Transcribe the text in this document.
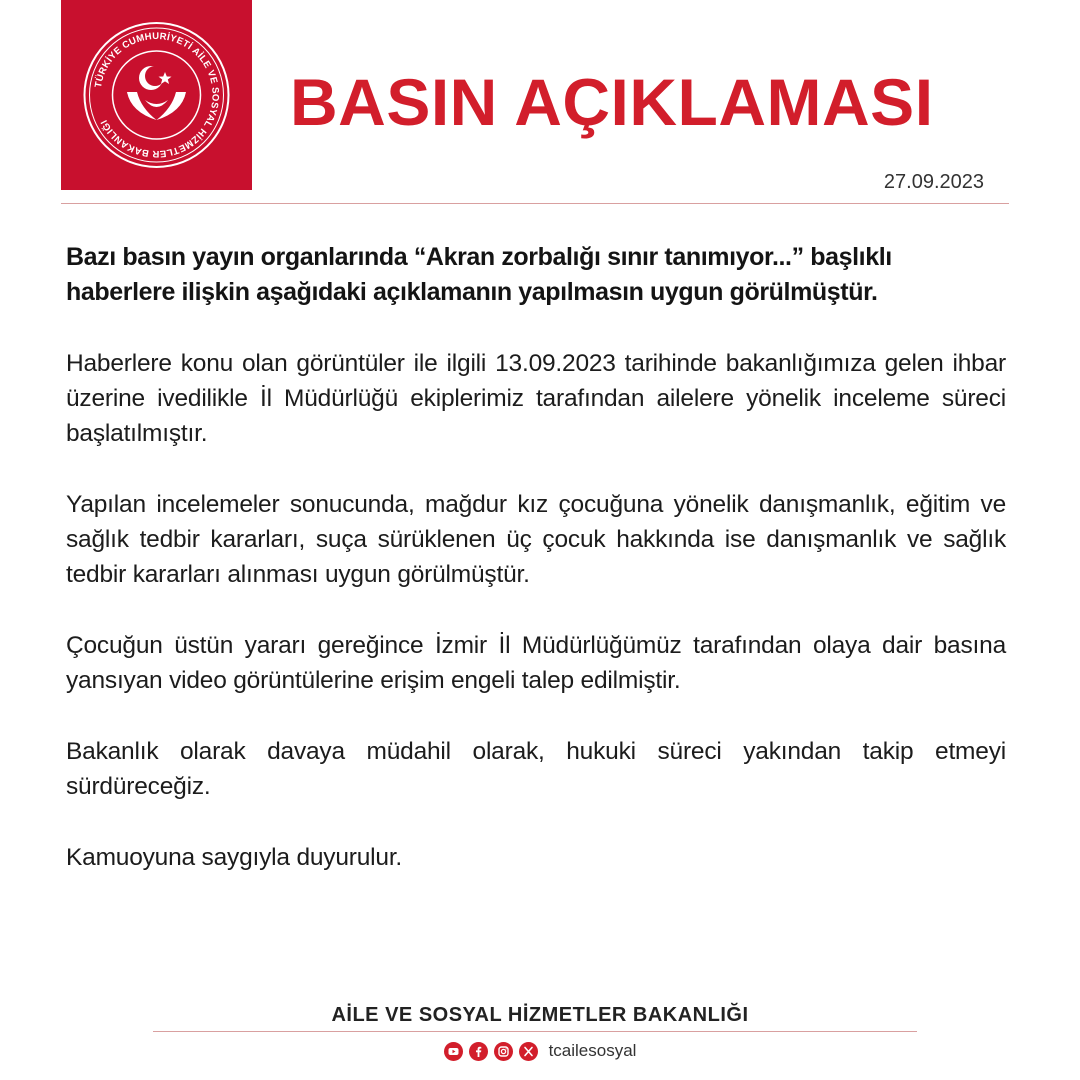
TÜRKİYE CUMHURİYETİ AİLE VE SOSYAL HİZMETLER BAKANLIĞI	BASIN AÇIKLAMASI
27.09.2023

Bazı basın yayın organlarında “Akran zorbalığı sınır tanımıyor...” başlıklı haberlere ilişkin aşağıdaki açıklamanın yapılmasın uygun görülmüştür.

Haberlere konu olan görüntüler ile ilgili 13.09.2023 tarihinde bakanlığımıza gelen ihbar üzerine ivedilikle İl Müdürlüğü ekiplerimiz tarafından ailelere yönelik inceleme süreci başlatılmıştır.

Yapılan incelemeler sonucunda, mağdur kız çocuğuna yönelik danışmanlık, eğitim ve sağlık tedbir kararları, suça sürüklenen üç çocuk hakkında ise danışmanlık ve sağlık tedbir kararları alınması uygun görülmüştür.

Çocuğun üstün yararı gereğince İzmir İl Müdürlüğümüz tarafından olaya dair basına yansıyan video görüntülerine erişim engeli talep edilmiştir.

Bakanlık olarak davaya müdahil olarak, hukuki süreci yakından takip etmeyi sürdüreceğiz.

Kamuoyuna saygıyla duyurulur.

AİLE VE SOSYAL HİZMETLER BAKANLIĞI
tcailesosyal
